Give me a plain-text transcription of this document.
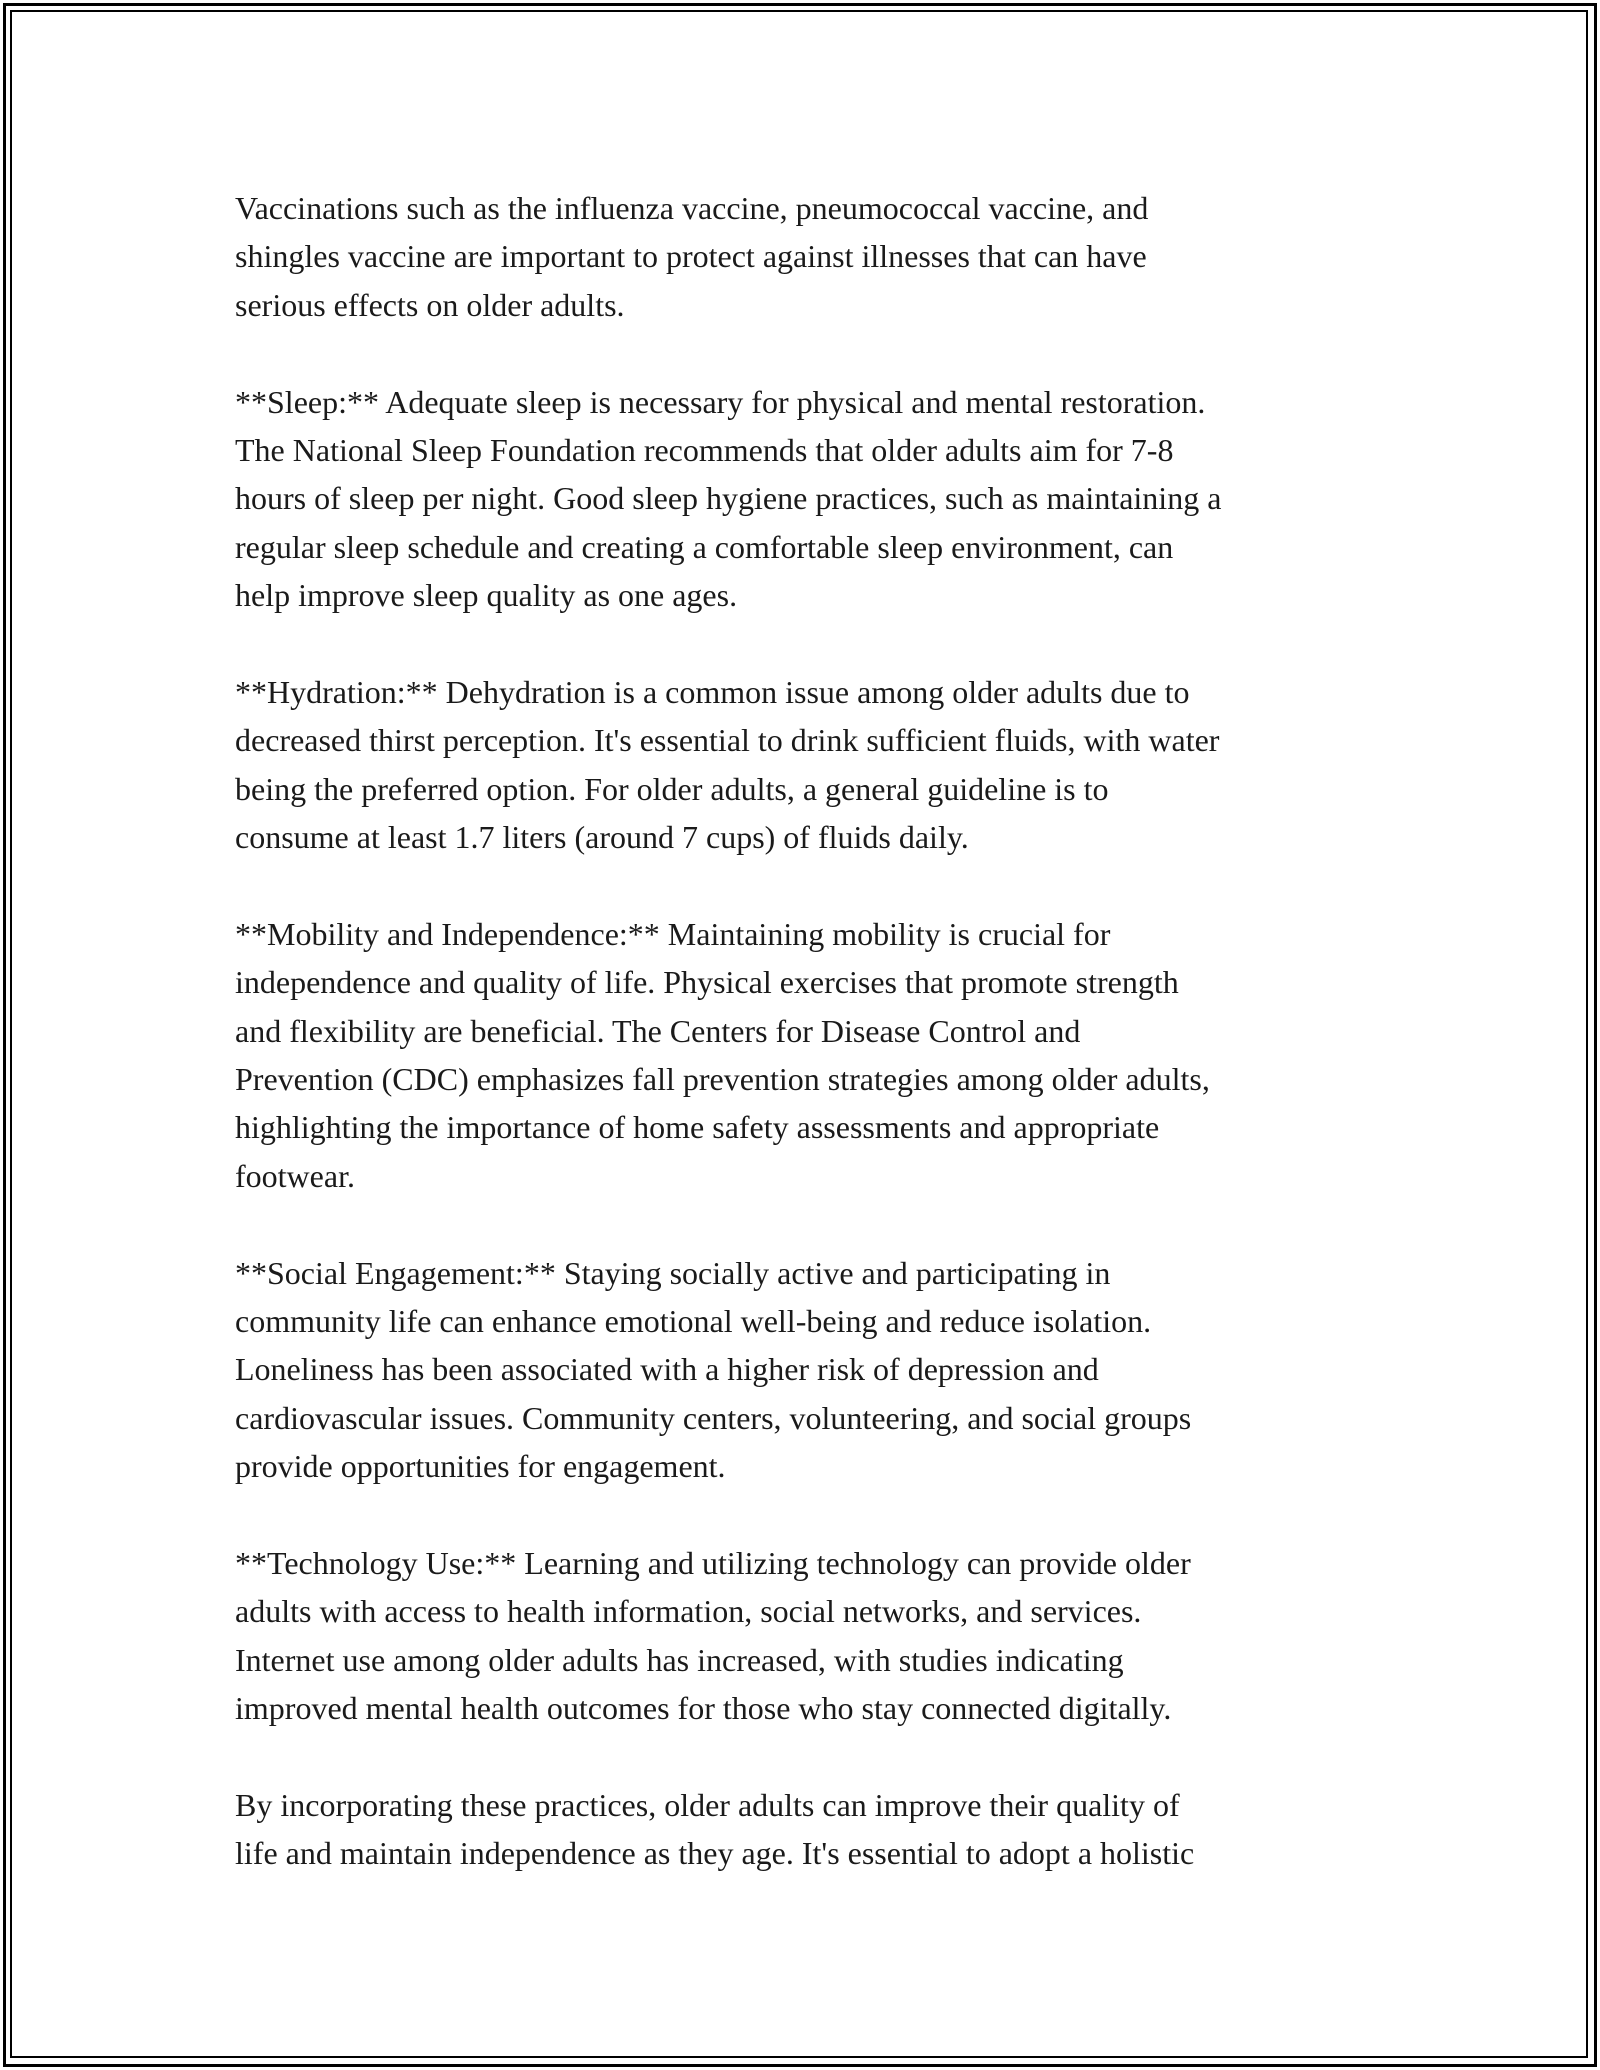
Vaccinations such as the influenza vaccine, pneumococcal vaccine, and
shingles vaccine are important to protect against illnesses that can have
serious effects on older adults.
**Sleep:** Adequate sleep is necessary for physical and mental restoration.
The National Sleep Foundation recommends that older adults aim for 7-8
hours of sleep per night. Good sleep hygiene practices, such as maintaining a
regular sleep schedule and creating a comfortable sleep environment, can
help improve sleep quality as one ages.
**Hydration:** Dehydration is a common issue among older adults due to
decreased thirst perception. It's essential to drink sufficient fluids, with water
being the preferred option. For older adults, a general guideline is to
consume at least 1.7 liters (around 7 cups) of fluids daily.
**Mobility and Independence:** Maintaining mobility is crucial for
independence and quality of life. Physical exercises that promote strength
and flexibility are beneficial. The Centers for Disease Control and
Prevention (CDC) emphasizes fall prevention strategies among older adults,
highlighting the importance of home safety assessments and appropriate
footwear.
**Social Engagement:** Staying socially active and participating in
community life can enhance emotional well-being and reduce isolation.
Loneliness has been associated with a higher risk of depression and
cardiovascular issues. Community centers, volunteering, and social groups
provide opportunities for engagement.
**Technology Use:** Learning and utilizing technology can provide older
adults with access to health information, social networks, and services.
Internet use among older adults has increased, with studies indicating
improved mental health outcomes for those who stay connected digitally.
By incorporating these practices, older adults can improve their quality of
life and maintain independence as they age. It's essential to adopt a holistic
